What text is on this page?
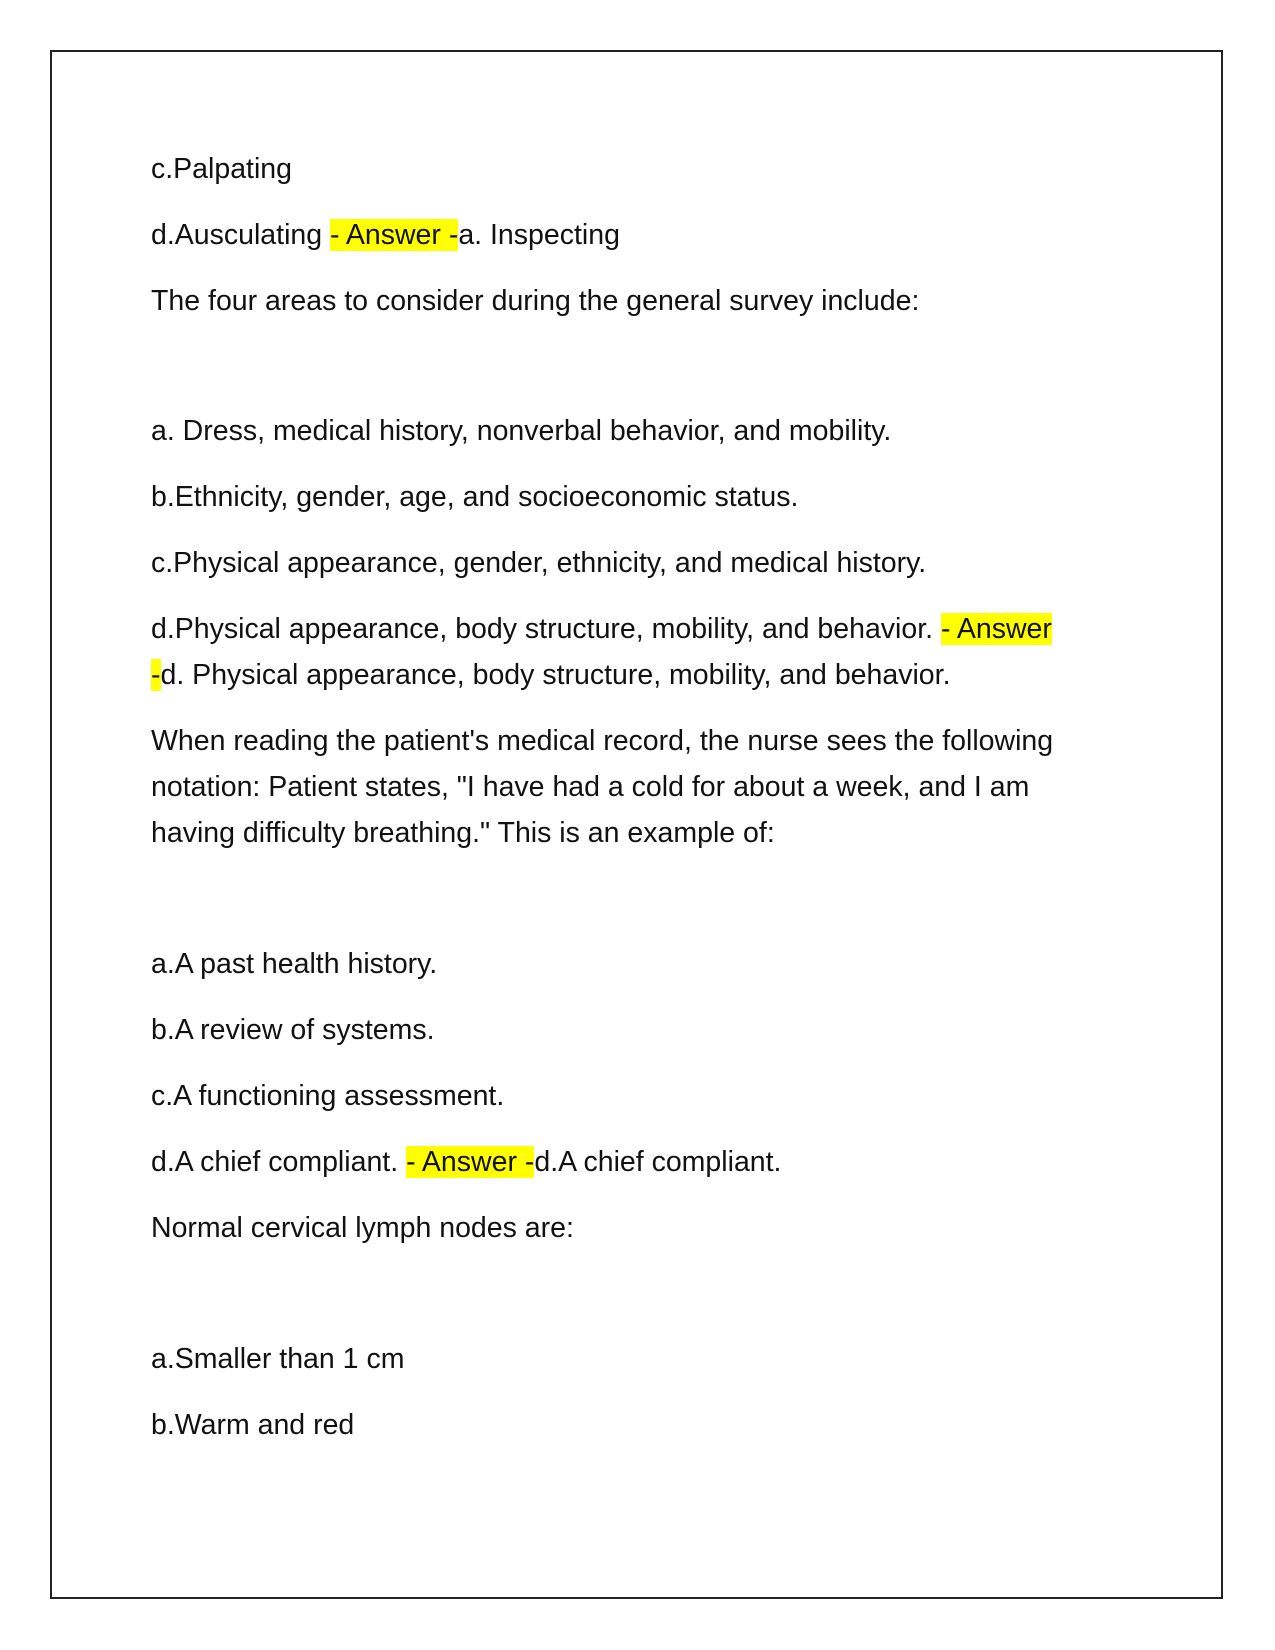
c.Palpating

d.Ausculating - Answer -a. Inspecting

The four areas to consider during the general survey include:

a. Dress, medical history, nonverbal behavior, and mobility.

b.Ethnicity, gender, age, and socioeconomic status.

c.Physical appearance, gender, ethnicity, and medical history.

d.Physical appearance, body structure, mobility, and behavior. - Answer

-d. Physical appearance, body structure, mobility, and behavior.

When reading the patient's medical record, the nurse sees the following

notation: Patient states, "I have had a cold for about a week, and I am

having difficulty breathing." This is an example of:

a.A past health history.

b.A review of systems.

c.A functioning assessment.

d.A chief compliant. - Answer -d.A chief compliant.

Normal cervical lymph nodes are:

a.Smaller than 1 cm

b.Warm and red
